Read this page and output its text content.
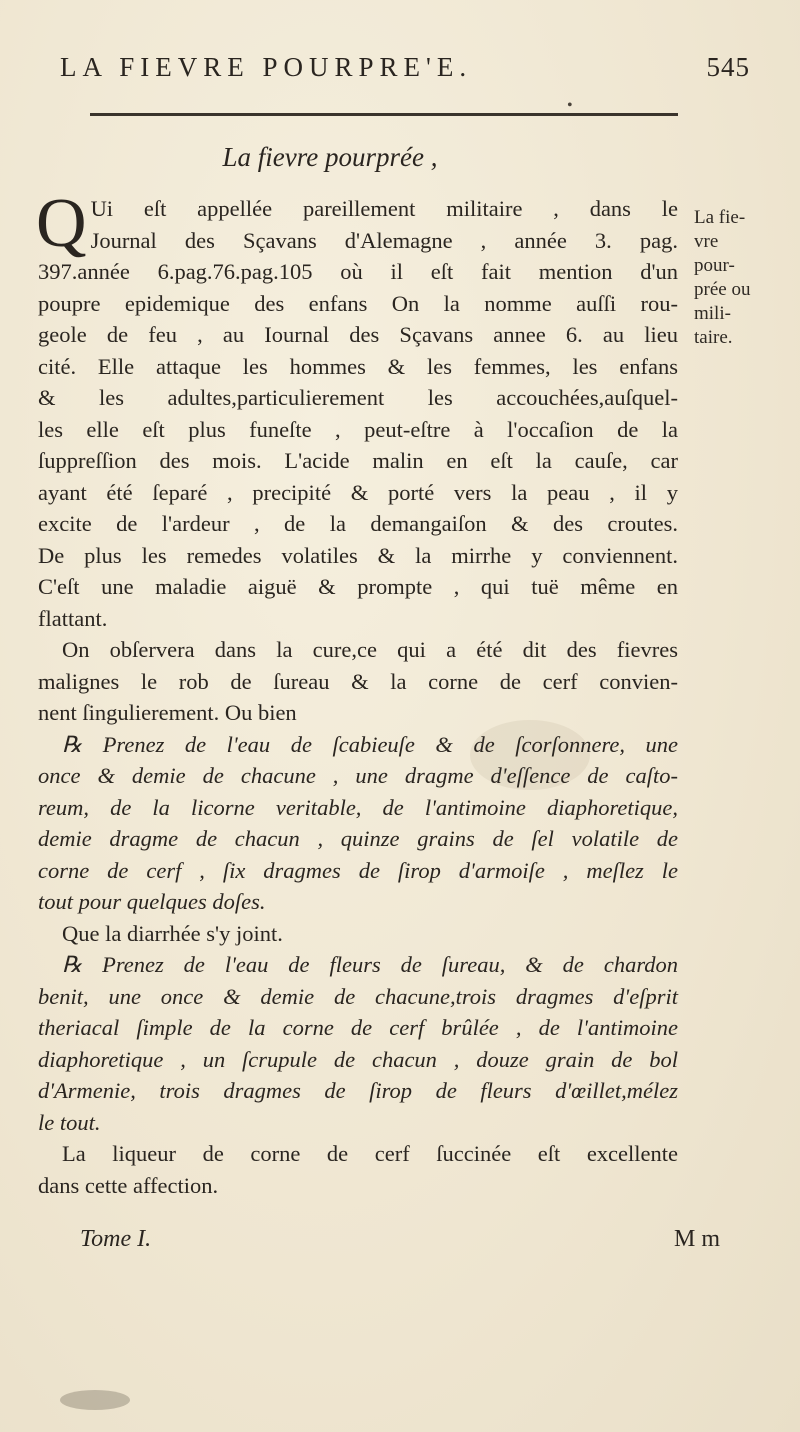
LA FIEVRE POURPRE'E.	545
•
La fievre pourprée ,

Q Ui eſt appellée pareillement militaire , dans le
Journal des Sçavans d'Alemagne , année 3. pag.
397.année 6.pag.76.pag.105 où il eſt fait mention d'un
poupre epidemique des enfans On la nomme auſſi rou-
geole de feu , au Iournal des Sçavans annee 6. au lieu
cité. Elle attaque les hommes & les femmes, les enfans
& les adultes,particulierement les accouchées,auſquel-
les elle eſt plus funeſte , peut-eſtre à l'occaſion de la
ſuppreſſion des mois. L'acide malin en eſt la cauſe, car
ayant été ſeparé , precipité & porté vers la peau , il y
excite de l'ardeur , de la demangaiſon & des croutes.
De plus les remedes volatiles & la mirrhe y conviennent.
C'eſt une maladie aiguë & prompte , qui tuë même en
flattant.

On obſervera dans la cure,ce qui a été dit des fievres
malignes le rob de ſureau & la corne de cerf convien-
nent ſingulierement. Ou bien

℞ Prenez de l'eau de ſcabieuſe & de ſcorſonnere, une
once & demie de chacune , une dragme d'eſſence de caſto-
reum, de la licorne veritable, de l'antimoine diaphoretique,
demie dragme de chacun , quinze grains de ſel volatile de
corne de cerf , ſix dragmes de ſirop d'armoiſe , meſlez le
tout pour quelques doſes.

Que la diarrhée s'y joint.

℞ Prenez de l'eau de fleurs de ſureau, & de chardon
benit, une once & demie de chacune,trois dragmes d'eſprit
theriacal ſimple de la corne de cerf brûlée , de l'antimoine
diaphoretique , un ſcrupule de chacun , douze grain de bol
d'Armenie, trois dragmes de ſirop de fleurs d'œillet,mélez
le tout.

La liqueur de corne de cerf ſuccinée eſt excellente
dans cette affection.

La fie-
vre
pour-
prée ou
mili-
taire.
Tome I.	M m
